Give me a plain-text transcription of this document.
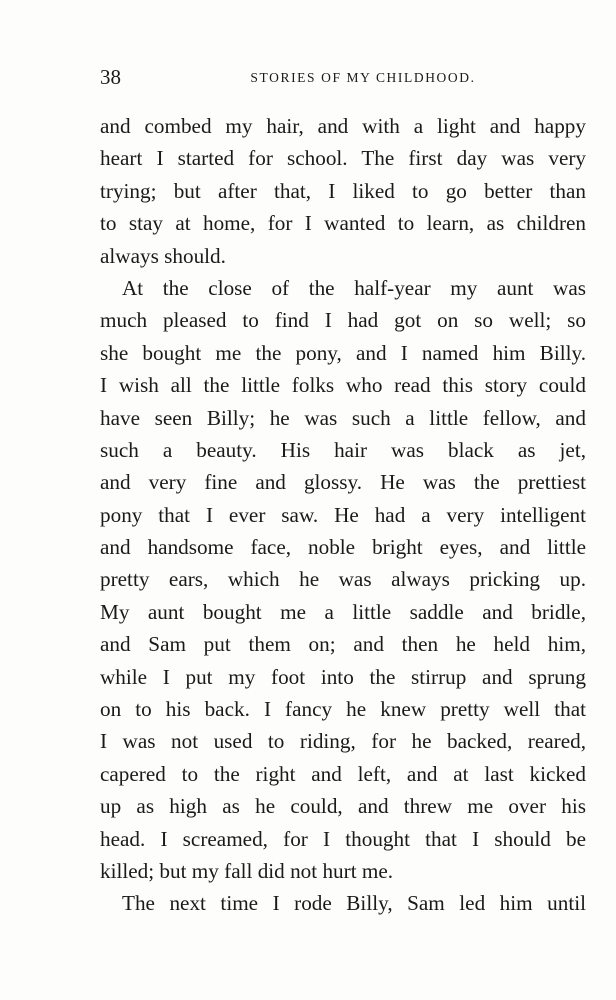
38	STORIES OF MY CHILDHOOD.
and combed my hair, and with a light and happy
heart I started for school. The first day was very
trying; but after that, I liked to go better than
to stay at home, for I wanted to learn, as children
always should.
At the close of the half-year my aunt was
much pleased to find I had got on so well; so
she bought me the pony, and I named him Billy.
I wish all the little folks who read this story could
have seen Billy; he was such a little fellow, and
such a beauty. His hair was black as jet,
and very fine and glossy. He was the prettiest
pony that I ever saw. He had a very intelligent
and handsome face, noble bright eyes, and little
pretty ears, which he was always pricking up.
My aunt bought me a little saddle and bridle,
and Sam put them on; and then he held him,
while I put my foot into the stirrup and sprung
on to his back. I fancy he knew pretty well that
I was not used to riding, for he backed, reared,
capered to the right and left, and at last kicked
up as high as he could, and threw me over his
head. I screamed, for I thought that I should be
killed; but my fall did not hurt me.
The next time I rode Billy, Sam led him until
